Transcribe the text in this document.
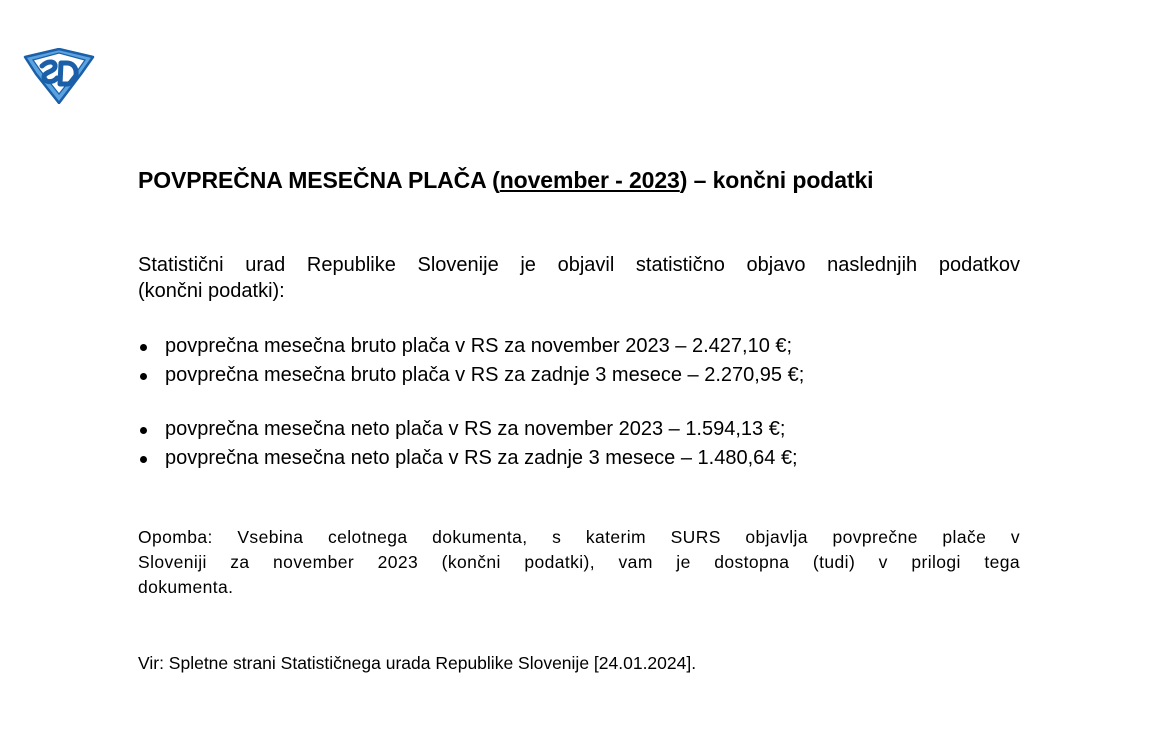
POVPREČNA MESEČNA PLAČA (november - 2023) – končni podatki
Statistični urad Republike Slovenije je objavil statistično objavo naslednjih podatkov
(končni podatki):
povprečna mesečna bruto plača v RS za november 2023 – 2.427,10 €;
povprečna mesečna bruto plača v RS za zadnje 3 mesece – 2.270,95 €;
povprečna mesečna neto plača v RS za november 2023 – 1.594,13 €;
povprečna mesečna neto plača v RS za zadnje 3 mesece – 1.480,64 €;
Opomba: Vsebina celotnega dokumenta, s katerim SURS objavlja povprečne plače v
Sloveniji za november 2023 (končni podatki), vam je dostopna (tudi) v prilogi tega
dokumenta.
Vir: Spletne strani Statističnega urada Republike Slovenije [24.01.2024].
